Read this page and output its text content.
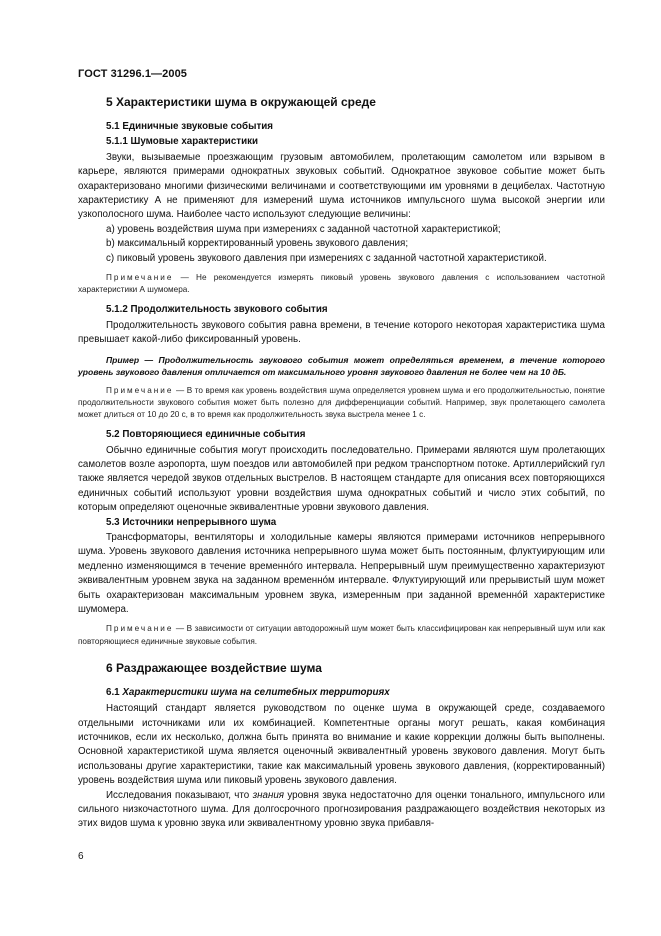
ГОСТ 31296.1—2005
5 Характеристики шума в окружающей среде
5.1 Единичные звуковые события
5.1.1 Шумовые характеристики

Звуки, вызываемые проезжающим грузовым автомобилем, пролетающим самолетом или взрывом в карьере, являются примерами однократных звуковых событий. Однократное звуковое событие может быть охарактеризовано многими физическими величинами и соответствующими им уровнями в децибелах. Частотную характеристику A не применяют для измерений шума источников импульсного шума высокой энергии или узкополосного шума. Наиболее часто используют следующие величины:

a) уровень воздействия шума при измерениях с заданной частотной характеристикой;

b) максимальный корректированный уровень звукового давления;

c) пиковый уровень звукового давления при измерениях с заданной частотной характеристикой.

Примечание — Не рекомендуется измерять пиковый уровень звукового давления с использованием частотной характеристики А шумомера.

5.1.2 Продолжительность звукового события

Продолжительность звукового события равна времени, в течение которого некоторая характеристика шума превышает какой-либо фиксированный уровень.

Пример — Продолжительность звукового события может определяться временем, в течение которого уровень звукового давления отличается от максимального уровня звукового давления не более чем на 10 дБ.

Примечание — В то время как уровень воздействия шума определяется уровнем шума и его продолжительностью, понятие продолжительности звукового события может быть полезно для дифференциации событий. Например, звук пролетающего самолета может длиться от 10 до 20 с, в то время как продолжительность звука выстрела менее 1 с.

5.2 Повторяющиеся единичные события

Обычно единичные события могут происходить последовательно. Примерами являются шум пролетающих самолетов возле аэропорта, шум поездов или автомобилей при редком транспортном потоке. Артиллерийский гул также является чередой звуков отдельных выстрелов. В настоящем стандарте для описания всех повторяющихся единичных событий используют уровни воздействия шума однократных событий и число этих событий, по которым определяют оценочные эквивалентные уровни звукового давления.

5.3 Источники непрерывного шума

Трансформаторы, вентиляторы и холодильные камеры являются примерами источников непрерывного шума. Уровень звукового давления источника непрерывного шума может быть постоянным, флуктуирующим или медленно изменяющимся в течение временно́го интервала. Непрерывный шум преимущественно характеризуют эквивалентным уровнем звука на заданном временно́м интервале. Флуктуирующий или прерывистый шум может быть охарактеризован максимальным уровнем звука, измеренным при заданной временно́й характеристике шумомера.

Примечание — В зависимости от ситуации автодорожный шум может быть классифицирован как непрерывный шум или как повторяющиеся единичные звуковые события.

6 Раздражающее воздействие шума
6.1 Характеристики шума на селитебных территориях

Настоящий стандарт является руководством по оценке шума в окружающей среде, создаваемого отдельными источниками или их комбинацией. Компетентные органы могут решать, какая комбинация источников, если их несколько, должна быть принята во внимание и какие коррекции должны быть выполнены. Основной характеристикой шума является оценочный эквивалентный уровень звукового давления. Могут быть использованы другие характеристики, такие как максимальный уровень звукового давления, (корректированный) уровень воздействия шума или пиковый уровень звукового давления.

Исследования показывают, что знания уровня звука недостаточно для оценки тонального, импульсного или сильного низкочастотного шума. Для долгосрочного прогнозирования раздражающего воздействия некоторых из этих видов шума к уровню звука или эквивалентному уровню звука прибавля-

6
